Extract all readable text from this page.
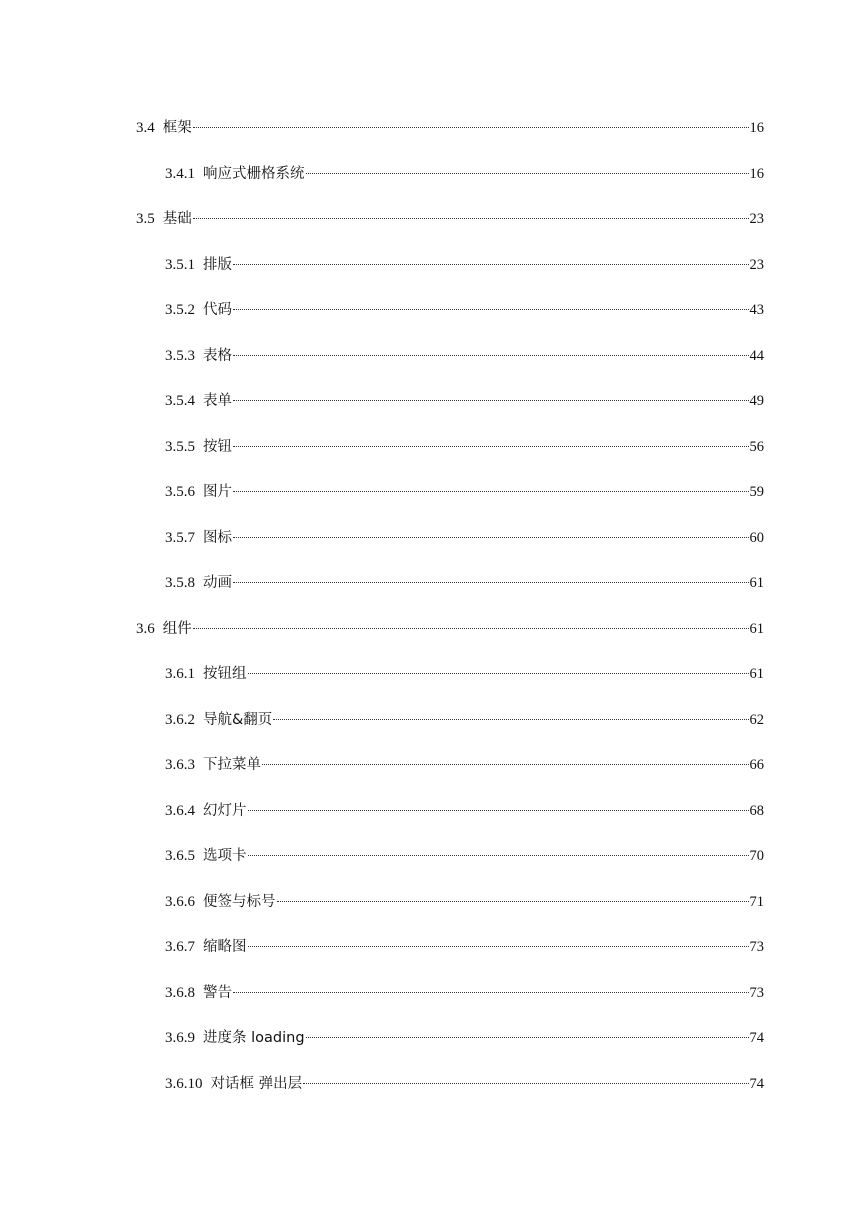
3.4 框架	16
3.4.1 响应式栅格系统	16
3.5 基础	23
3.5.1 排版	23
3.5.2 代码	43
3.5.3 表格	44
3.5.4 表单	49
3.5.5 按钮	56
3.5.6 图片	59
3.5.7 图标	60
3.5.8 动画	61
3.6 组件	61
3.6.1 按钮组	61
3.6.2 导航&翻页	62
3.6.3 下拉菜单	66
3.6.4 幻灯片	68
3.6.5 选项卡	70
3.6.6 便签与标号	71
3.6.7 缩略图	73
3.6.8 警告	73
3.6.9 进度条 loading	74
3.6.10 对话框 弹出层	74
